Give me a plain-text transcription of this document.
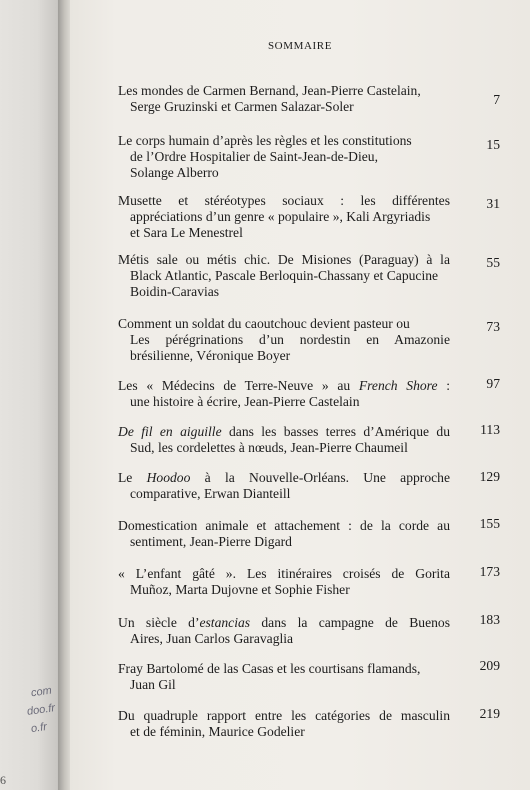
com
doo.fr
o.fr
6
SOMMAIRE
Les mondes de Carmen Bernand, Jean-Pierre Castelain,
Serge Gruzinski et Carmen Salazar-Soler	7
Le corps humain d’après les règles et les constitutions
de l’Ordre Hospitalier de Saint-Jean-de-Dieu,
Solange Alberro
15
Musette et stéréotypes sociaux : les différentes
appréciations d’un genre « populaire », Kali Argyriadis
et Sara Le Menestrel
31
Métis sale ou métis chic. De Misiones (Paraguay) à la
Black Atlantic, Pascale Berloquin-Chassany et Capucine
Boidin-Caravias
55
Comment un soldat du caoutchouc devient pasteur ou
Les pérégrinations d’un nordestin en Amazonie
brésilienne, Véronique Boyer
73
Les « Médecins de Terre-Neuve » au French Shore :
une histoire à écrire, Jean-Pierre Castelain
97
De fil en aiguille dans les basses terres d’Amérique du
Sud, les cordelettes à nœuds, Jean-Pierre Chaumeil
113
Le Hoodoo à la Nouvelle-Orléans. Une approche
comparative, Erwan Dianteill
129
Domestication animale et attachement : de la corde au
sentiment, Jean-Pierre Digard
155
« L’enfant gâté ». Les itinéraires croisés de Gorita
Muñoz, Marta Dujovne et Sophie Fisher
173
Un siècle d’estancias dans la campagne de Buenos
Aires, Juan Carlos Garavaglia
183
Fray Bartolomé de las Casas et les courtisans flamands,
Juan Gil
209
Du quadruple rapport entre les catégories de masculin
et de féminin, Maurice Godelier
219
